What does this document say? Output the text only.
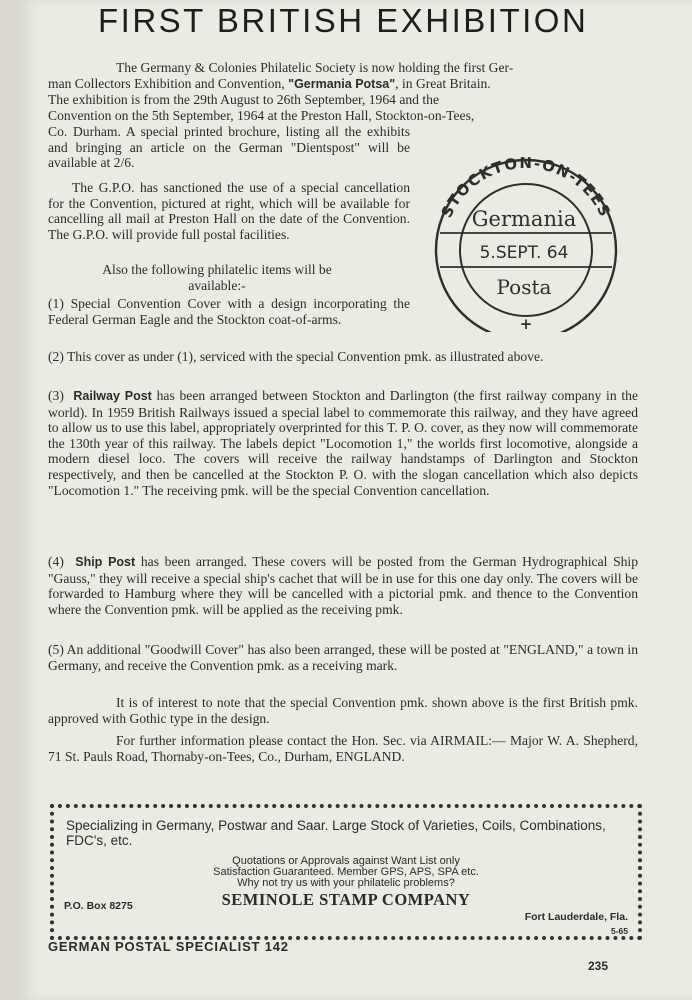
FIRST BRITISH EXHIBITION

The Germany & Colonies Philatelic Society is now holding the first Ger-

man Collectors Exhibition and Convention, "Germania Potsa", in Great Britain.

The exhibition is from the 29th August to 26th September, 1964 and the

Convention on the 5th September, 1964 at the Preston Hall, Stockton-on-Tees,

Co. Durham. A special printed brochure, listing all the exhibits and bringing an article on the German "Dientspost" will be available at 2/6.

The G.P.O. has sanctioned the use of a special cancellation for the Convention, pictured at right, which will be available for cancelling all mail at Preston Hall on the date of the Convention. The G.P.O. will provide full postal facilities.

Also the following philatelic items will be available:-

(1) Special Convention Cover with a design incorporating the Federal German Eagle and the Stockton coat-of-arms.

STOCKTON-ON-TEES
Germania
5.SEPT. 64
Posta
+

(2) This cover as under (1), serviced with the special Convention pmk. as illustrated above.

(3) Railway Post has been arranged between Stockton and Darlington (the first railway company in the world). In 1959 British Railways issued a special label to commemorate this railway, and they have agreed to allow us to use this label, appropriately overprinted for this T. P. O. cover, as they now will commemorate the 130th year of this railway. The labels depict "Locomotion 1," the worlds first locomotive, alongside a modern diesel loco. The covers will receive the railway handstamps of Darlington and Stockton respectively, and then be cancelled at the Stockton P. O. with the slogan cancellation which also depicts "Locomotion 1." The receiving pmk. will be the special Convention cancellation.

(4) Ship Post has been arranged. These covers will be posted from the German Hydrographical Ship "Gauss," they will receive a special ship's cachet that will be in use for this one day only. The covers will be forwarded to Hamburg where they will be cancelled with a pictorial pmk. and thence to the Convention where the Convention pmk. will be applied as the receiving pmk.

(5) An additional "Goodwill Cover" has also been arranged, these will be posted at "ENGLAND," a town in Germany, and receive the Convention pmk. as a receiving mark.

It is of interest to note that the special Convention pmk. shown above is the first British pmk. approved with Gothic type in the design.

For further information please contact the Hon. Sec. via AIRMAIL:— Major W. A. Shepherd, 71 St. Pauls Road, Thornaby-on-Tees, Co., Durham, ENGLAND.

Specializing in Germany, Postwar and Saar. Large Stock of Varieties, Coils, Combinations, FDC's, etc.

Quotations or Approvals against Want List only

Satisfaction Guaranteed. Member GPS, APS, SPA etc.

Why not try us with your philatelic problems?

SEMINOLE STAMP COMPANY

P.O. Box 8275

Fort Lauderdale, Fla.

5-65

GERMAN POSTAL SPECIALIST 142

235
